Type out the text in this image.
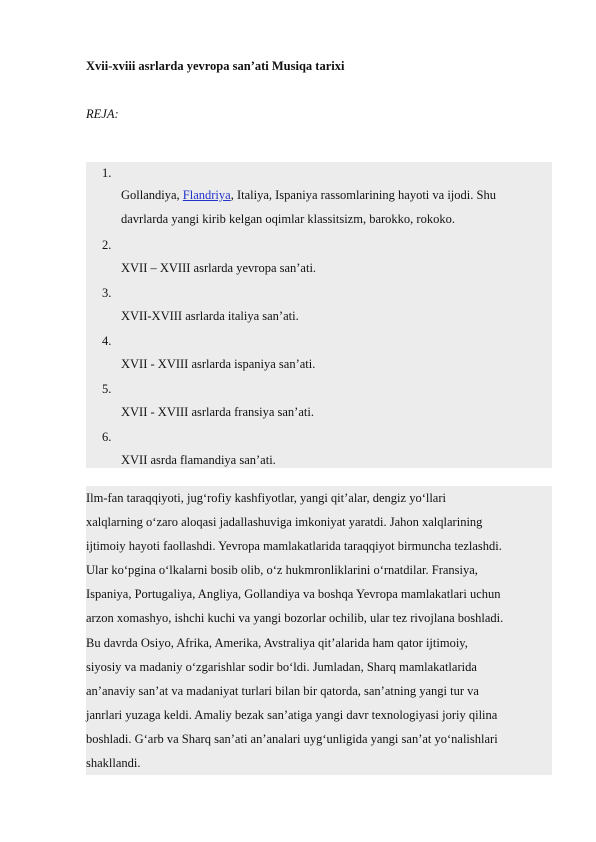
Xvii-xviii asrlarda yevropa san’ati Musiqa tarixi
REJA:
1.
Gollandiya, Flandriya, Italiya, Ispaniya rassomlarining hayoti va ijodi. Shu
davrlarda yangi kirib kelgan oqimlar klassitsizm, barokko, rokoko.
2.
XVII – XVIII asrlarda yevropa san’ati.
3.
XVII-XVIII asrlarda italiya san’ati.
4.
XVII - XVIII asrlarda ispaniya san’ati.
5.
XVII - XVIII asrlarda fransiya san’ati.
6.
XVII asrda flamandiya san’ati.
Ilm-fan taraqqiyoti, jug‘rofiy kashfiyotlar, yangi qit’alar, dengiz yo‘llari
xalqlarning o‘zaro aloqasi jadallashuviga imkoniyat yaratdi. Jahon xalqlarining
ijtimoiy hayoti faollashdi. Yevropa mamlakatlarida taraqqiyot birmuncha tezlashdi.
Ular ko‘pgina o‘lkalarni bosib olib, o‘z hukmronliklarini o‘rnatdilar. Fransiya,
Ispaniya, Portugaliya, Angliya, Gollandiya va boshqa Yevropa mamlakatlari uchun
arzon xomashyo, ishchi kuchi va yangi bozorlar ochilib, ular tez rivojlana boshladi.
Bu davrda Osiyo, Afrika, Amerika, Avstraliya qit’alarida ham qator ijtimoiy,
siyosiy va madaniy o‘zgarishlar sodir bo‘ldi. Jumladan, Sharq mamlakatlarida
an’anaviy san’at va madaniyat turlari bilan bir qatorda, san’atning yangi tur va
janrlari yuzaga keldi. Amaliy bezak san’atiga yangi davr texnologiyasi joriy qilina
boshladi. G‘arb va Sharq san’ati an’analari uyg‘unligida yangi san’at yo‘nalishlari
shakllandi.
